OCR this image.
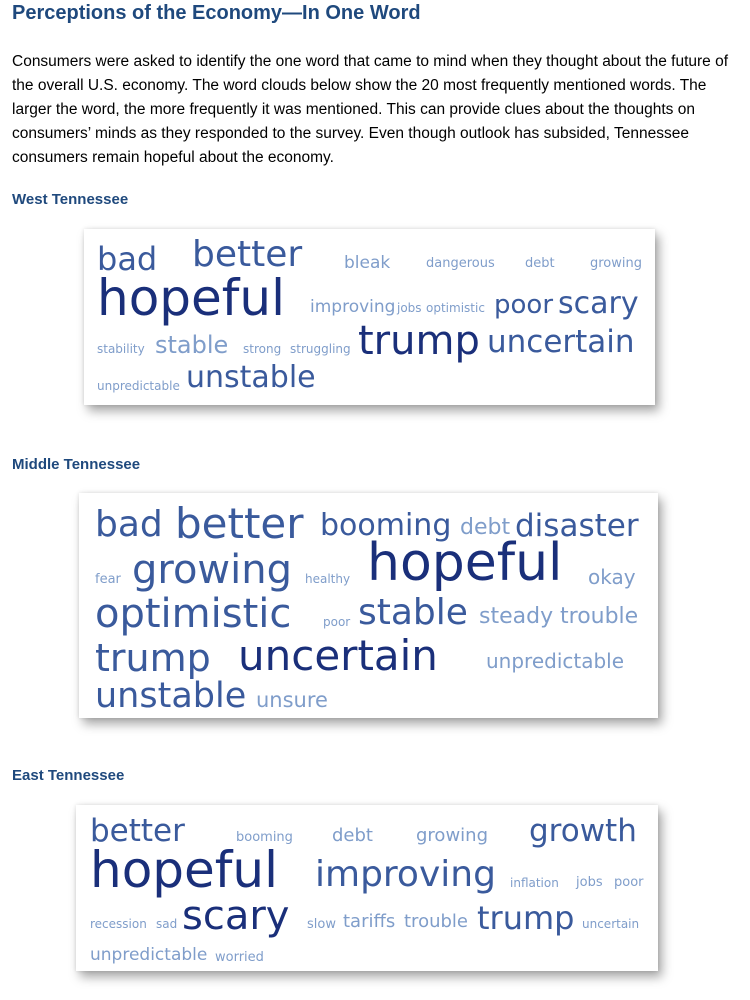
Perceptions of the Economy—In One Word
Consumers were asked to identify the one word that came to mind when they thought about the future of the overall U.S. economy. The word clouds below show the 20 most frequently mentioned words. The larger the word, the more frequently it was mentioned. This can provide clues about the thoughts on consumers’ minds as they responded to the survey. Even though outlook has subsided, Tennessee consumers remain hopeful about the economy.
West Tennessee
bad better bleak	dangerous debt	growing
hopeful improving jobs optimistic poor scary
stability stable strong struggling trump uncertain
unpredictable unstable
Middle Tennessee
bad better booming debt disaster
fear growing healthy hopeful okay
optimistic	poor stable steady trouble
trump uncertain unpredictable
unstable unsure
East Tennessee
better	booming debt growing growth
hopeful improving inflation jobs poor
recession sad scary slow tariffs trouble trump uncertain
unpredictable worried
